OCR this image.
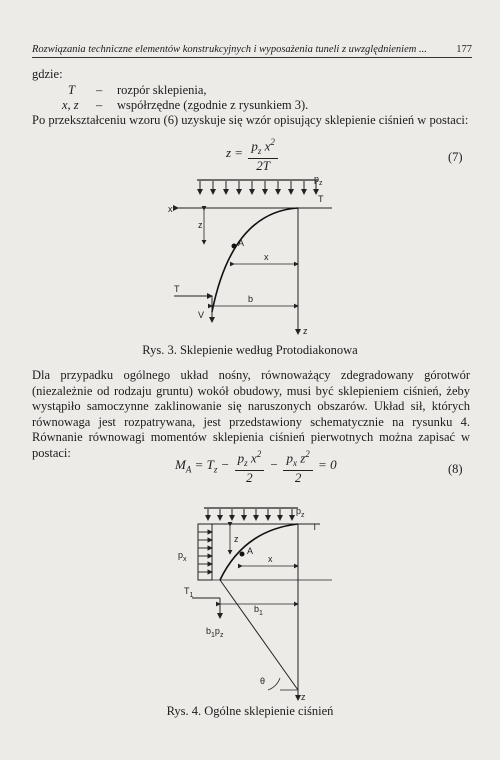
Rozwiązania techniczne elementów konstrukcyjnych i wyposażenia tuneli z uwzględnieniem ...	177
gdzie:
T – rozpór sklepienia,
x, z – współrzędne (zgodnie z rysunkiem 3).
Po przekształceniu wzoru (6) uzyskuje się wzór opisujący sklepienie ciśnień w postaci:
$z = \frac{p_z x^2}{2T}$	(7)
$p_z$
x
T
z
A
z
x
T
b
V
Rys. 3. Sklepienie według Protodiakonowa
Dla przypadku ogólnego układ nośny, równoważący zdegradowany górotwór (niezależnie od rodzaju gruntu) wokół obudowy, musi być sklepieniem ciśnień, żeby wystąpiło samoczynne zaklinowanie się naruszonych obszarów. Układ sił, których równowaga jest rozpatrywana, jest przedstawiony schematycznie na rysunku 4. Równanie równowagi momentów sklepienia ciśnień pierwotnych można zapisać w postaci:
$M_A = T_z - \frac{p_z x^2}{2} - \frac{p_x z^2}{2} = 0$	(8)
$p_z$
T
$p_x$
z
z
A
x
$T_1$
$b_1$
$b_1p_z$
θ
Rys. 4. Ogólne sklepienie ciśnień
